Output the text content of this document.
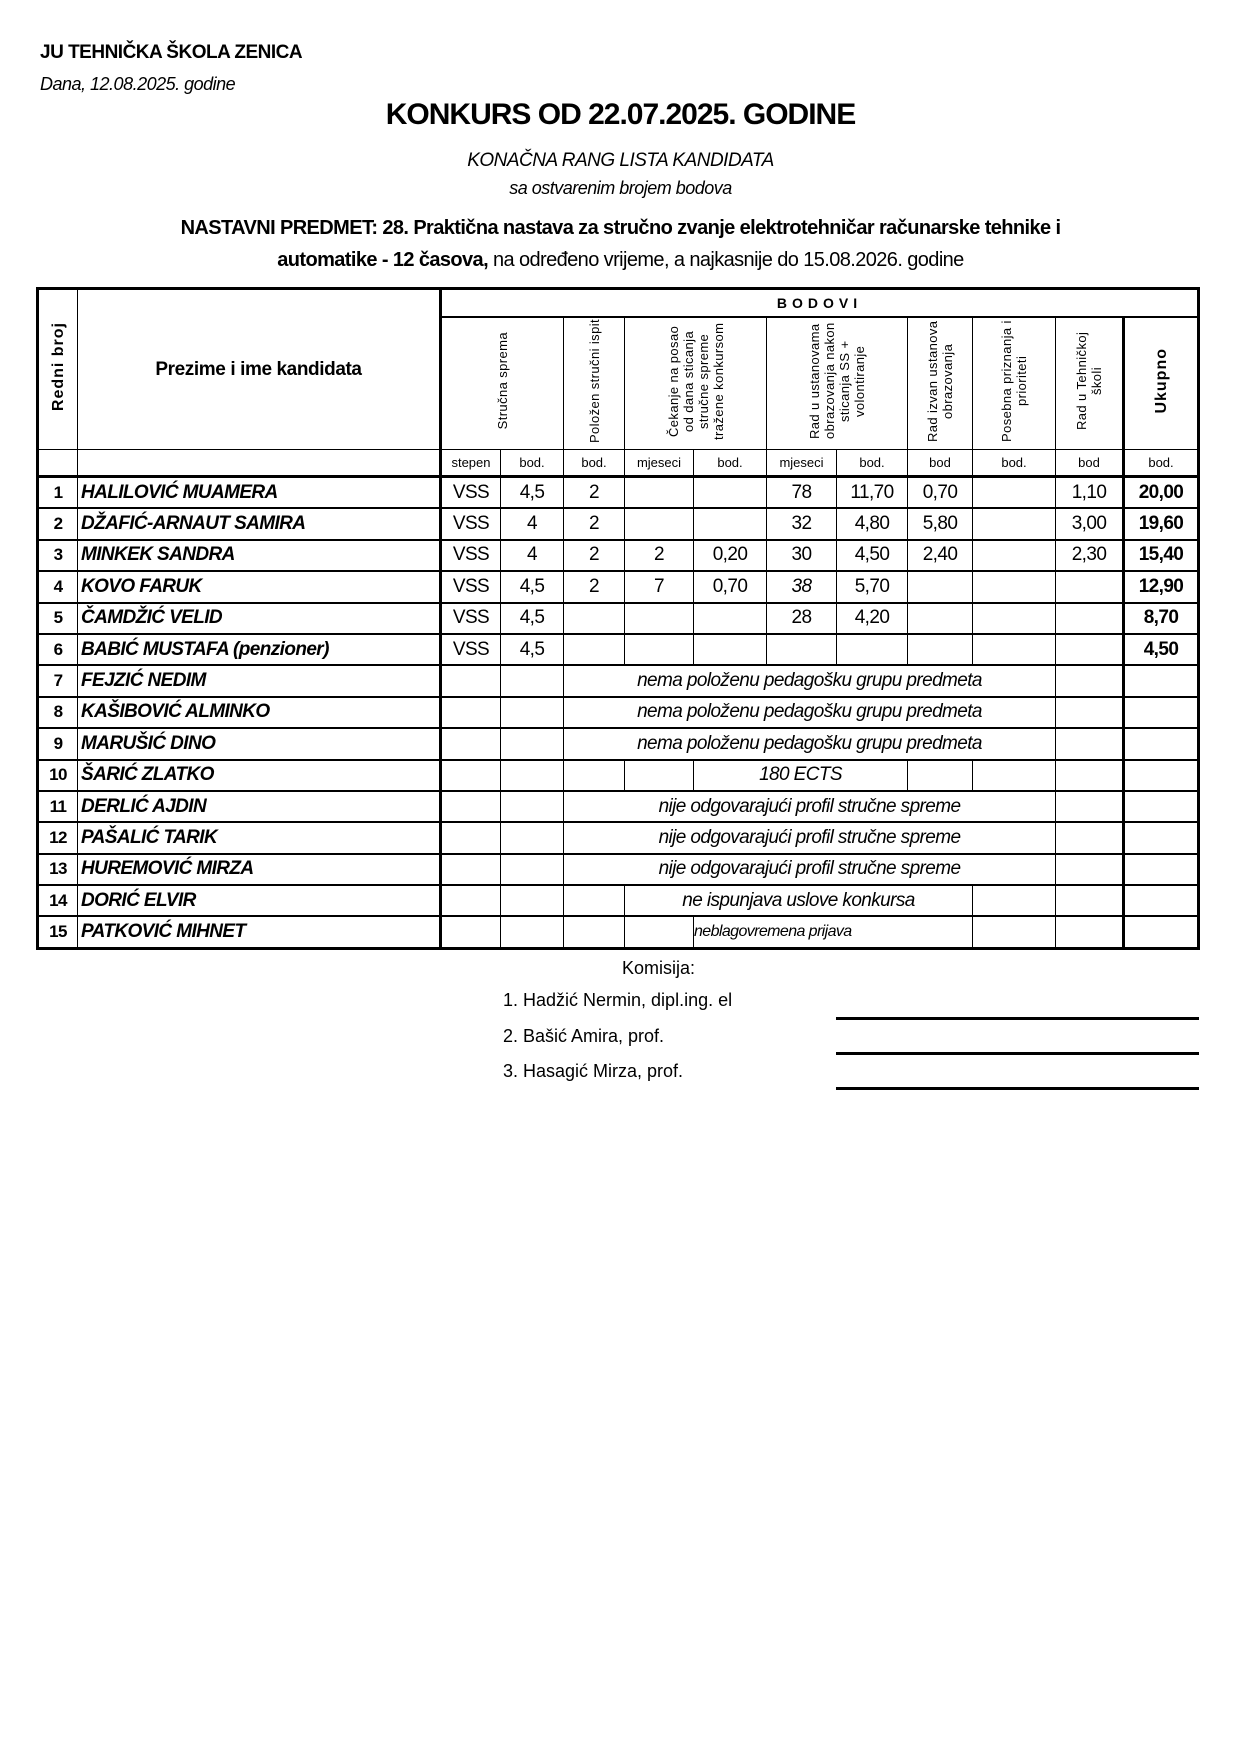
JU TEHNIČKA ŠKOLA ZENICA
Dana, 12.08.2025. godine
KONKURS OD 22.07.2025. GODINE
KONAČNA RANG LISTA KANDIDATA
sa ostvarenim brojem bodova
NASTAVNI PREDMET: 28. Praktična nastava za stručno zvanje elektrotehničar računarske tehnike i
automatike - 12 časova, na određeno vrijeme, a najkasnije do 15.08.2026. godine
Redni broj	Prezime i ime kandidata	BODOVI										
		Stručna sprema		Položen stručni ispit	Čekanje na posao od dana sticanja stručne spreme tražene konkursom		Rad u ustanovama obrazovanja nakon sticanja SS + volontiranje		Rad izvan ustanova obrazovanja	Posebna priznanja i prioriteti	Rad u Tehničkoj školi	Ukupno
		stepen	bod.	bod.	mjeseci	bod.	mjeseci	bod.	bod	bod.	bod	bod.
1	HALILOVIĆ MUAMERA	VSS	4,5	2			78	11,70	0,70		1,10	20,00
2	DŽAFIĆ-ARNAUT SAMIRA	VSS	4	2			32	4,80	5,80		3,00	19,60
3	MINKEK SANDRA	VSS	4	2	2	0,20	30	4,50	2,40		2,30	15,40
4	KOVO FARUK	VSS	4,5	2	7	0,70	38	5,70				12,90
5	ČAMDŽIĆ VELID	VSS	4,5				28	4,20				8,70
6	BABIĆ MUSTAFA (penzioner)	VSS	4,5									4,50
7	FEJZIĆ NEDIM			nema položenu pedagošku grupu predmeta								
8	KAŠIBOVIĆ ALMINKO			nema položenu pedagošku grupu predmeta								
9	MARUŠIĆ DINO			nema položenu pedagošku grupu predmeta								
10	ŠARIĆ ZLATKO					180 ECTS						
11	DERLIĆ AJDIN			nije odgovarajući profil stručne spreme								
12	PAŠALIĆ TARIK			nije odgovarajući profil stručne spreme								
13	HUREMOVIĆ MIRZA			nije odgovarajući profil stručne spreme								
14	DORIĆ ELVIR				ne ispunjava uslove konkursa							
15	PATKOVIĆ MIHNET					neblagovremena prijava						
Komisija:
1. Hadžić Nermin, dipl.ing. el
2. Bašić Amira, prof.
3. Hasagić Mirza, prof.
